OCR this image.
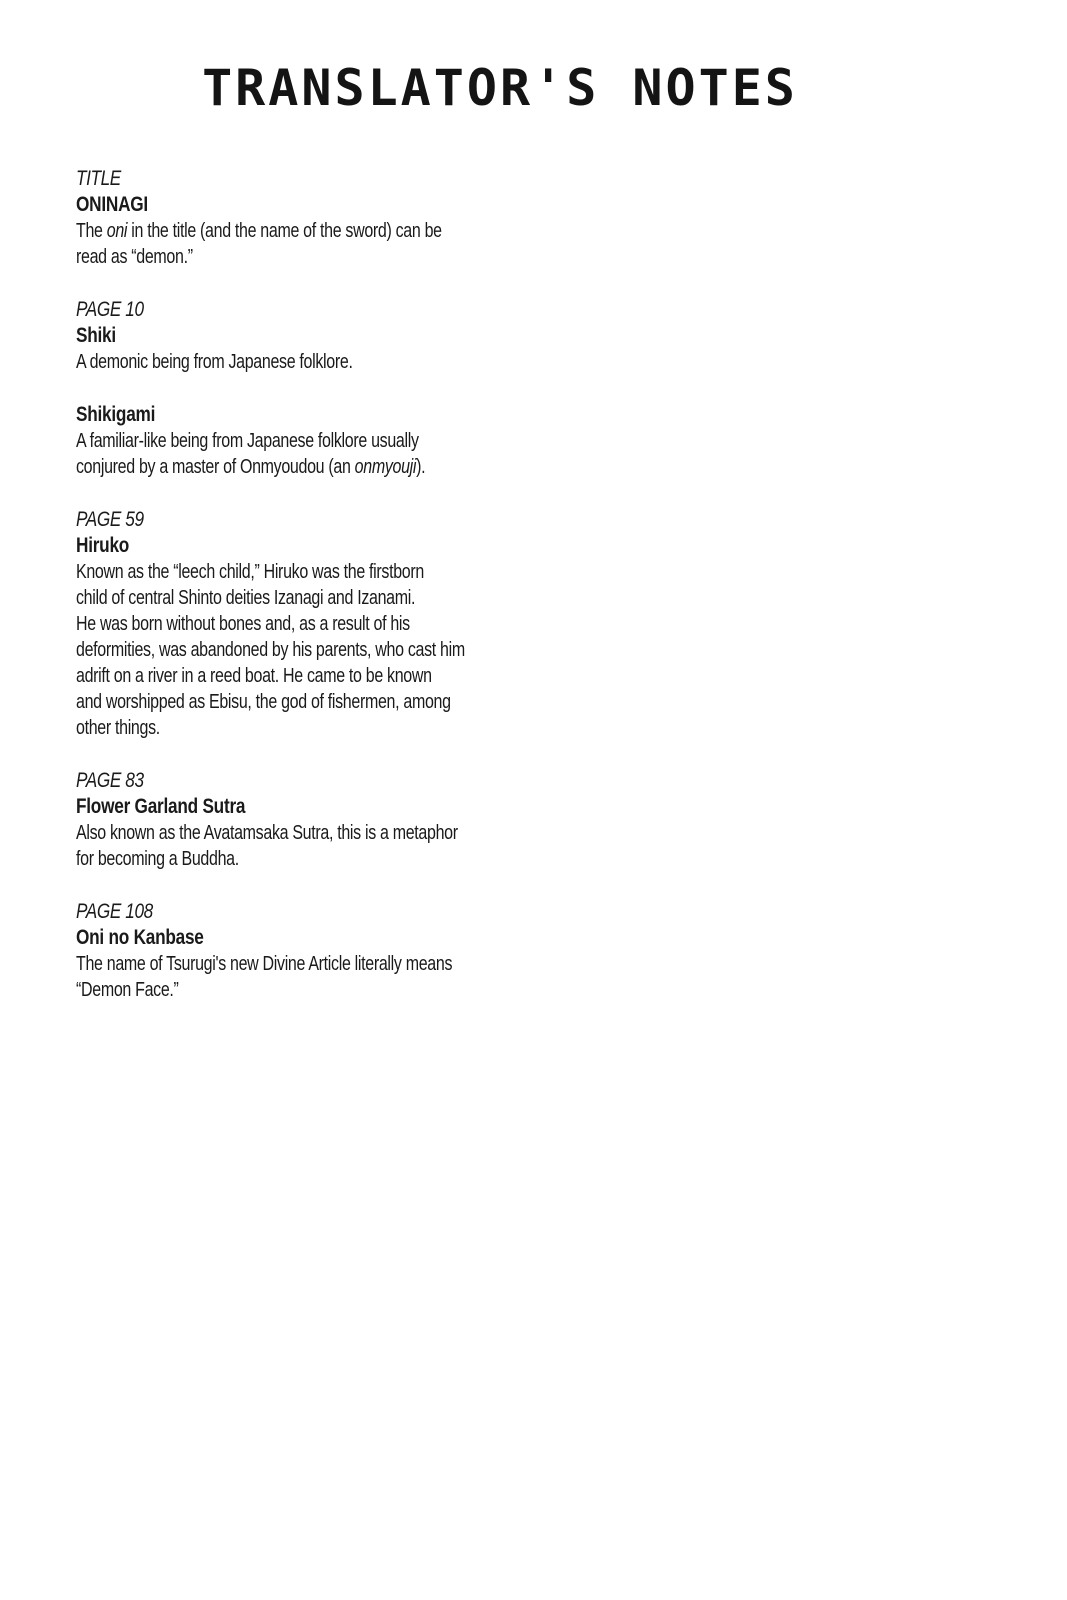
TRANSLATOR'S NOTES
TITLE
ONINAGI
The oni in the title (and the name of the sword) can be
read as “demon.”
PAGE 10
Shiki
A demonic being from Japanese folklore.
Shikigami
A familiar-like being from Japanese folklore usually
conjured by a master of Onmyoudou (an onmyouji).
PAGE 59
Hiruko
Known as the “leech child,” Hiruko was the firstborn
child of central Shinto deities Izanagi and Izanami.
He was born without bones and, as a result of his
deformities, was abandoned by his parents, who cast him
adrift on a river in a reed boat. He came to be known
and worshipped as Ebisu, the god of fishermen, among
other things.
PAGE 83
Flower Garland Sutra
Also known as the Avatamsaka Sutra, this is a metaphor
for becoming a Buddha.
PAGE 108
Oni no Kanbase
The name of Tsurugi's new Divine Article literally means
“Demon Face.”
